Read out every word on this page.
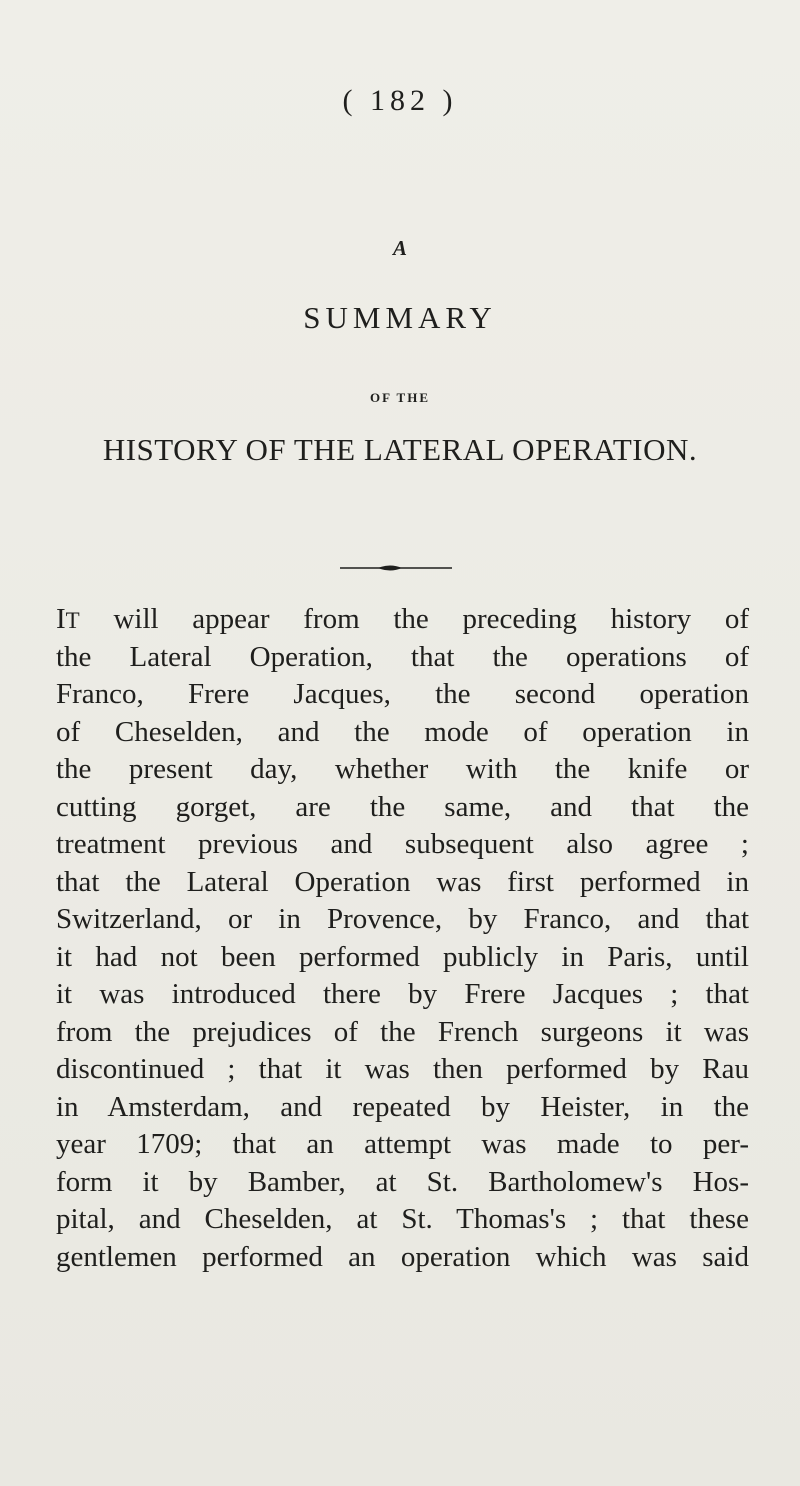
( 182 )
A
SUMMARY
OF THE
HISTORY OF THE LATERAL OPERATION.
IT will appear from the preceding history of
the Lateral Operation, that the operations of
Franco, Frere Jacques, the second operation
of Cheselden, and the mode of operation in
the present day, whether with the knife or
cutting gorget, are the same, and that the
treatment previous and subsequent also agree ;
that the Lateral Operation was first performed in
Switzerland, or in Provence, by Franco, and that
it had not been performed publicly in Paris, until
it was introduced there by Frere Jacques ; that
from the prejudices of the French surgeons it was
discontinued ; that it was then performed by Rau
in Amsterdam, and repeated by Heister, in the
year 1709; that an attempt was made to per-
form it by Bamber, at St. Bartholomew's Hos-
pital, and Cheselden, at St. Thomas's ; that these
gentlemen performed an operation which was said
